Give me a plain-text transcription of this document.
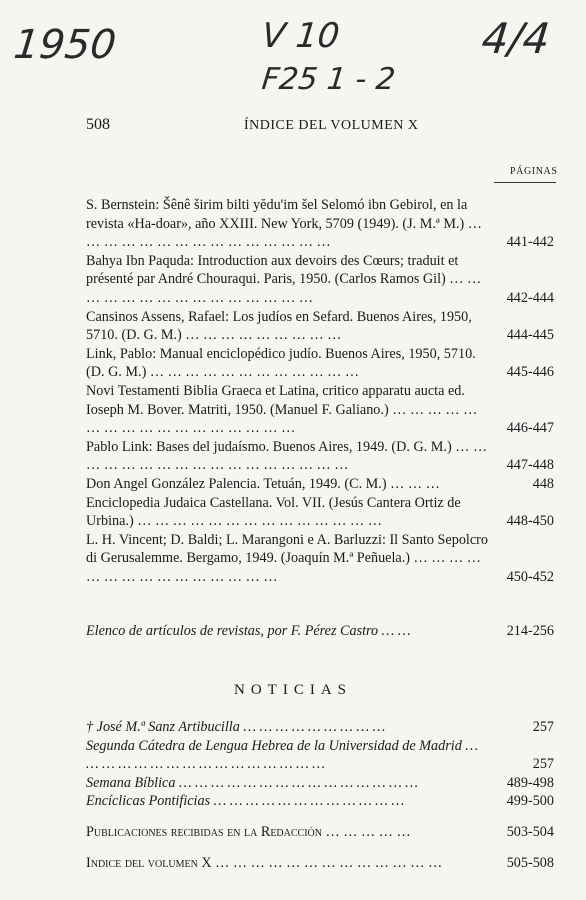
1950	V 10
F25 1 - 2
4/4
508	ÍNDICE DEL VOLUMEN X
PÁGINAS
S. Bernstein: Šênê širim bilti yĕdu'im šel Selomó ibn Gebirol, en la revista «Ha-doar», año XXIII. New York, 5709 (1949). (J. M.ª M.) … … … … … … … … … … … … … … …	441-442
Bahya Ibn Paquda: Introduction aux devoirs des Cœurs; traduit et présenté par André Chouraqui. Paris, 1950. (Carlos Ramos Gil) … … … … … … … … … … … … … … …	442-444
Cansinos Assens, Rafael: Los judíos en Sefard. Buenos Aires, 1950, 5710. (D. G. M.) … … … … … … … … …	444-445
Link, Pablo: Manual enciclopédico judío. Buenos Aires, 1950, 5710. (D. G. M.) … … … … … … … … … … … …	445-446
Novi Testamenti Biblia Graeca et Latina, critico apparatu aucta ed. Ioseph M. Bover. Matriti, 1950. (Manuel F. Galiano.) … … … … … … … … … … … … … … … … …	446-447
Pablo Link: Bases del judaísmo. Buenos Aires, 1949. (D. G. M.) … … … … … … … … … … … … … … … … …	447-448
Don Angel González Palencia. Tetuán, 1949. (C. M.) … … …	448
Enciclopedia Judaica Castellana. Vol. VII. (Jesús Cantera Ortiz de Urbina.) … … … … … … … … … … … … … …	448-450
L. H. Vincent; D. Baldi; L. Marangoni e A. Barluzzi: Il Santo Sepolcro di Gerusalemme. Bergamo, 1949. (Joaquín M.ª Peñuela.) … … … … … … … … … … … … … … …	450-452
Elenco de artículos de revistas, por F. Pérez Castro … …	214-256
NOTICIAS
† José M.ª Sanz Artibucilla … … … … … … … … …	257
Segunda Cátedra de Lengua Hebrea de la Universidad de Madrid … … … … … … … … … … … … … … … …	257
Semana Bíblica … … … … … … … … … … … … … … …	489-498
Encíclicas Pontificias … … … … … … … … … … … …	499-500
Publicaciones recibidas en la Redacción … … … … …	503-504
Indice del volumen X … … … … … … … … … … … … …	505-508
